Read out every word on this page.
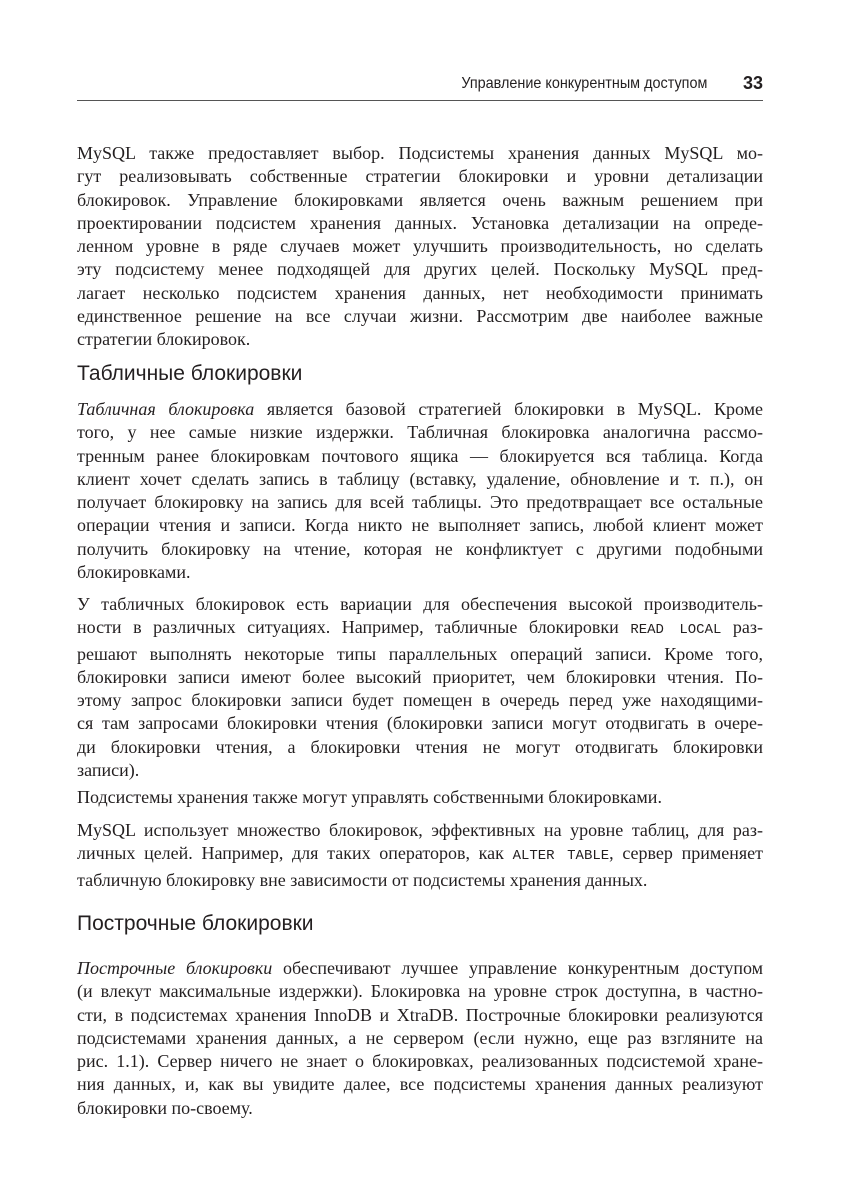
Управление конкурентным доступом 33
MySQL также предоставляет выбор. Подсистемы хранения данных MySQL мо-
гут реализовывать собственные стратегии блокировки и уровни детализации
блокировок. Управление блокировками является очень важным решением при
проектировании подсистем хранения данных. Установка детализации на опреде-
ленном уровне в ряде случаев может улучшить производительность, но сделать
эту подсистему менее подходящей для других целей. Поскольку MySQL пред-
лагает несколько подсистем хранения данных, нет необходимости принимать
единственное решение на все случаи жизни. Рассмотрим две наиболее важные
стратегии блокировок.
Табличные блокировки
Табличная блокировка является базовой стратегией блокировки в MySQL. Кроме
того, у нее самые низкие издержки. Табличная блокировка аналогична рассмо-
тренным ранее блокировкам почтового ящика — блокируется вся таблица. Когда
клиент хочет сделать запись в таблицу (вставку, удаление, обновление и т. п.), он
получает блокировку на запись для всей таблицы. Это предотвращает все остальные
операции чтения и записи. Когда никто не выполняет запись, любой клиент может
получить блокировку на чтение, которая не конфликтует с другими подобными
блокировками.
У табличных блокировок есть вариации для обеспечения высокой производитель-
ности в различных ситуациях. Например, табличные блокировки READ LOCAL раз-
решают выполнять некоторые типы параллельных операций записи. Кроме того,
блокировки записи имеют более высокий приоритет, чем блокировки чтения. По-
этому запрос блокировки записи будет помещен в очередь перед уже находящими-
ся там запросами блокировки чтения (блокировки записи могут отодвигать в очере-
ди блокировки чтения, а блокировки чтения не могут отодвигать блокировки
записи).
Подсистемы хранения также могут управлять собственными блокировками.
MySQL использует множество блокировок, эффективных на уровне таблиц, для раз-
личных целей. Например, для таких операторов, как ALTER TABLE, сервер применяет
табличную блокировку вне зависимости от подсистемы хранения данных.
Построчные блокировки
Построчные блокировки обеспечивают лучшее управление конкурентным доступом
(и влекут максимальные издержки). Блокировка на уровне строк доступна, в частно-
сти, в подсистемах хранения InnoDB и XtraDB. Построчные блокировки реализуются
подсистемами хранения данных, а не сервером (если нужно, еще раз взгляните на
рис. 1.1). Сервер ничего не знает о блокировках, реализованных подсистемой хране-
ния данных, и, как вы увидите далее, все подсистемы хранения данных реализуют
блокировки по-своему.
